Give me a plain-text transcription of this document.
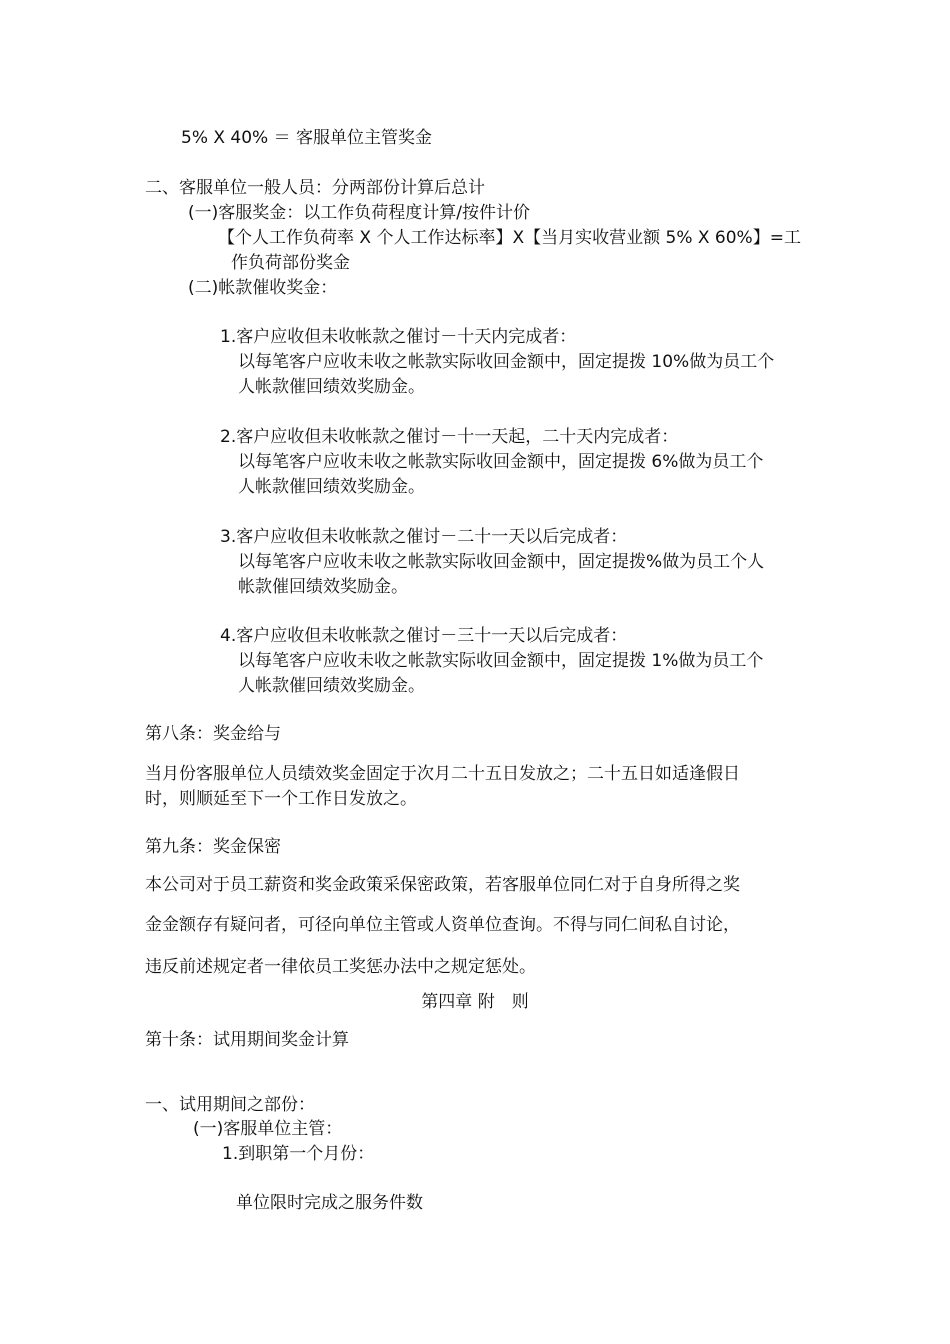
5% X 40% ＝ 客服单位主管奖金
二、客服单位一般人员：分两部份计算后总计
(一)客服奖金：以工作负荷程度计算/按件计价
【个人工作负荷率 X 个人工作达标率】X【当月实收营业额 5% X 60%】=工
作负荷部份奖金
(二)帐款催收奖金：
1.客户应收但未收帐款之催讨－十天内完成者：
以每笔客户应收未收之帐款实际收回金额中，固定提拨 10%做为员工个
人帐款催回绩效奖励金。
2.客户应收但未收帐款之催讨－十一天起，二十天内完成者：
以每笔客户应收未收之帐款实际收回金额中，固定提拨 6%做为员工个
人帐款催回绩效奖励金。
3.客户应收但未收帐款之催讨－二十一天以后完成者：
以每笔客户应收未收之帐款实际收回金额中，固定提拨%做为员工个人
帐款催回绩效奖励金。
4.客户应收但未收帐款之催讨－三十一天以后完成者：
以每笔客户应收未收之帐款实际收回金额中，固定提拨 1%做为员工个
人帐款催回绩效奖励金。
第八条：奖金给与
当月份客服单位人员绩效奖金固定于次月二十五日发放之；二十五日如适逢假日
时，则顺延至下一个工作日发放之。
第九条：奖金保密
本公司对于员工薪资和奖金政策采保密政策，若客服单位同仁对于自身所得之奖
金金额存有疑问者，可径向单位主管或人资单位查询。不得与同仁间私自讨论，
违反前述规定者一律依员工奖惩办法中之规定惩处。
第四章 附　则
第十条：试用期间奖金计算
一、试用期间之部份：
(一)客服单位主管：
1.到职第一个月份：
单位限时完成之服务件数
